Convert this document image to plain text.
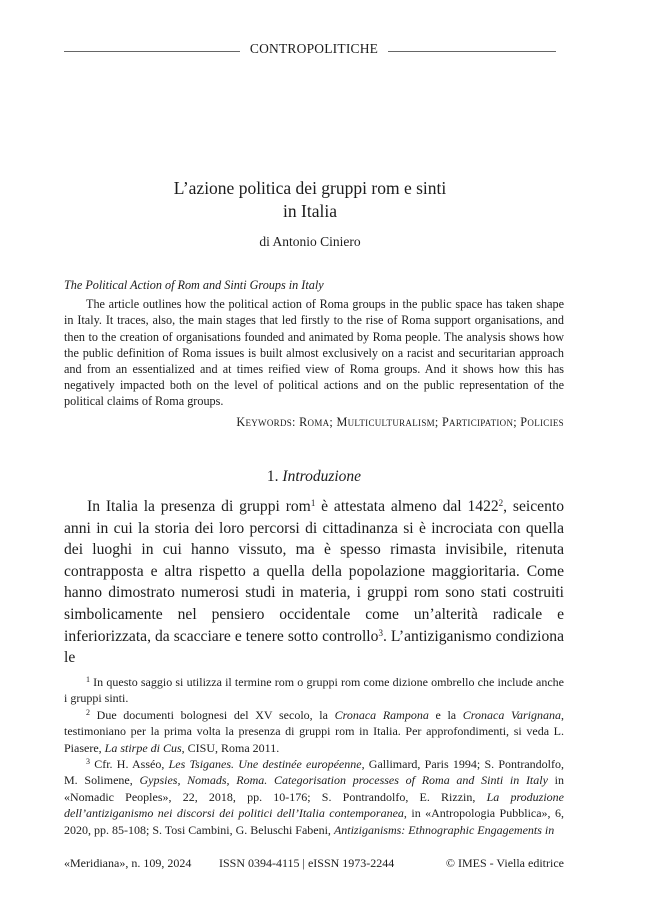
CONTROPOLITICHE
L’azione politica dei gruppi rom e sinti
in Italia
di Antonio Ciniero
The Political Action of Rom and Sinti Groups in Italy

The article outlines how the political action of Roma groups in the public space has taken shape in Italy. It traces, also, the main stages that led firstly to the rise of Roma support organisations, and then to the creation of organisations founded and animated by Roma people. The analysis shows how the public definition of Roma issues is built almost exclusively on a racist and securitarian approach and from an essentialized and at times reified view of Roma groups. And it shows how this has negatively impacted both on the level of political actions and on the public representation of the political claims of Roma groups.

Keywords: Roma; Multiculturalism; Participation; Policies
1. Introduzione

In Italia la presenza di gruppi rom$^1$ è attestata almeno dal 1422$^2$, seicento anni in cui la storia dei loro percorsi di cittadinanza si è incrociata con quella dei luoghi in cui hanno vissuto, ma è spesso rimasta invisibile, ritenuta contrapposta e altra rispetto a quella della popolazione maggioritaria. Come hanno dimostrato numerosi studi in materia, i gruppi rom sono stati costruiti simbolicamente nel pensiero occidentale come un’alterità radicale e inferiorizzata, da scacciare e tenere sotto controllo$^3$. L’antiziganismo condiziona le

$^1$ In questo saggio si utilizza il termine rom o gruppi rom come dizione ombrello che include anche i gruppi sinti.

$^2$ Due documenti bolognesi del XV secolo, la Cronaca Rampona e la Cronaca Varignana, testimoniano per la prima volta la presenza di gruppi rom in Italia. Per approfondimenti, si veda L. Piasere, La stirpe di Cus, CISU, Roma 2011.

$^3$ Cfr. H. Asséo, Les Tsiganes. Une destinée européenne, Gallimard, Paris 1994; S. Pontrandolfo, M. Solimene, Gypsies, Nomads, Roma. Categorisation processes of Roma and Sinti in Italy in «Nomadic Peoples», 22, 2018, pp. 10-176; S. Pontrandolfo, E. Rizzin, La produzione dell’antiziganismo nei discorsi dei politici dell’Italia contemporanea, in «Antropologia Pubblica», 6, 2020, pp. 85-108; S. Tosi Cambini, G. Beluschi Fabeni, Antiziganisms: Ethnographic Engagements in

«Meridiana», n. 109, 2024 ISSN 0394-4115 | eISSN 1973-2244	© IMES - Viella editrice
